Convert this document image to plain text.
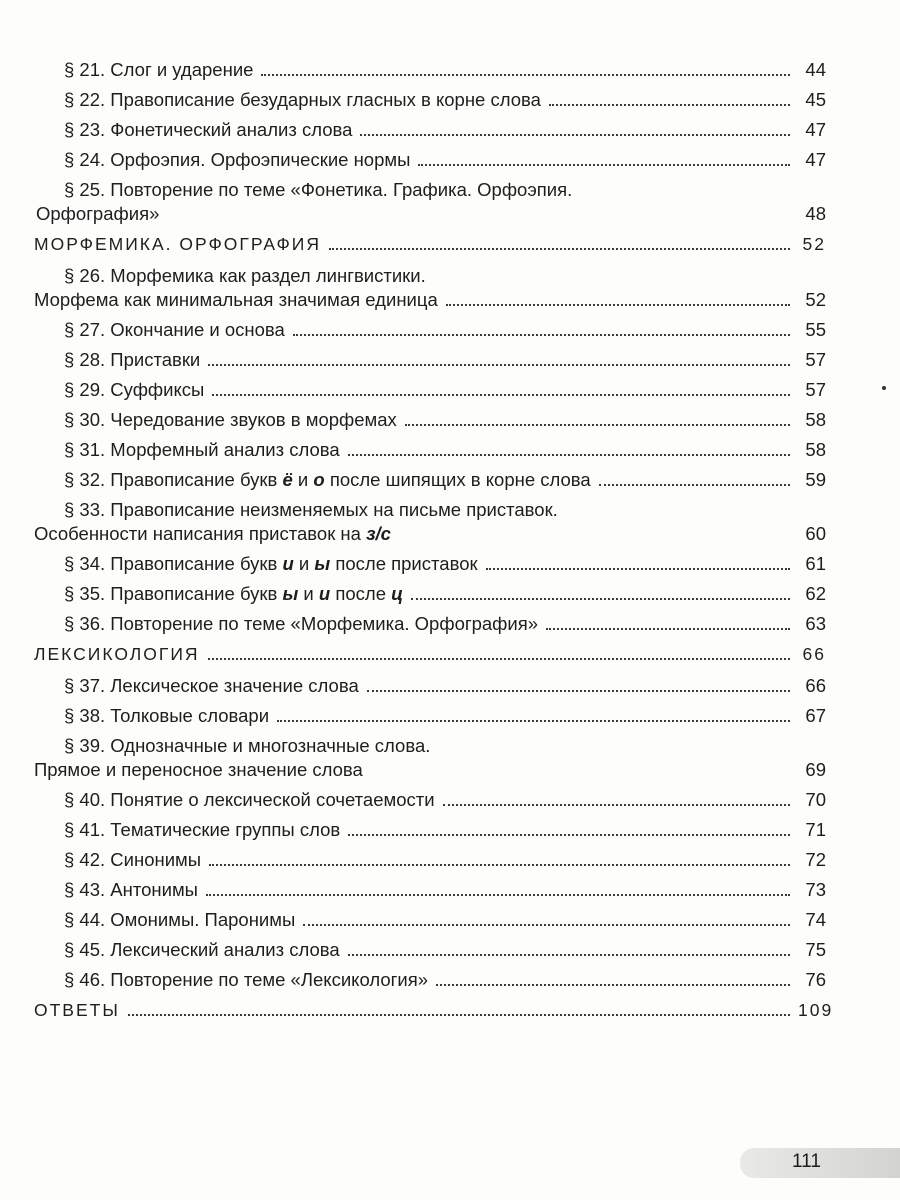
§ 21. Слог и ударение	44
§ 22. Правописание безударных гласных в корне слова	45
§ 23. Фонетический анализ слова	47
§ 24. Орфоэпия. Орфоэпические нормы	47
§ 25. Повторение по теме «Фонетика. Графика. Орфоэпия.
Орфография»	48
МОРФЕМИКА. ОРФОГРАФИЯ	52
§ 26. Морфемика как раздел лингвистики.
Морфема как минимальная значимая единица	52
§ 27. Окончание и основа	55
§ 28. Приставки	57
§ 29. Суффиксы	57
§ 30. Чередование звуков в морфемах	58
§ 31. Морфемный анализ слова	58
§ 32. Правописание букв ё и о после шипящих в корне слова	59
§ 33. Правописание неизменяемых на письме приставок.
Особенности написания приставок на з/с	60
§ 34. Правописание букв и и ы после приставок	61
§ 35. Правописание букв ы и и после ц	62
§ 36. Повторение по теме «Морфемика. Орфография»	63
ЛЕКСИКОЛОГИЯ	66
§ 37. Лексическое значение слова	66
§ 38. Толковые словари	67
§ 39. Однозначные и многозначные слова.
Прямое и переносное значение слова	69
§ 40. Понятие о лексической сочетаемости	70
§ 41. Тематические группы слов	71
§ 42. Синонимы	72
§ 43. Антонимы	73
§ 44. Омонимы. Паронимы	74
§ 45. Лексический анализ слова	75
§ 46. Повторение по теме «Лексикология»	76
ОТВЕТЫ	109
111
